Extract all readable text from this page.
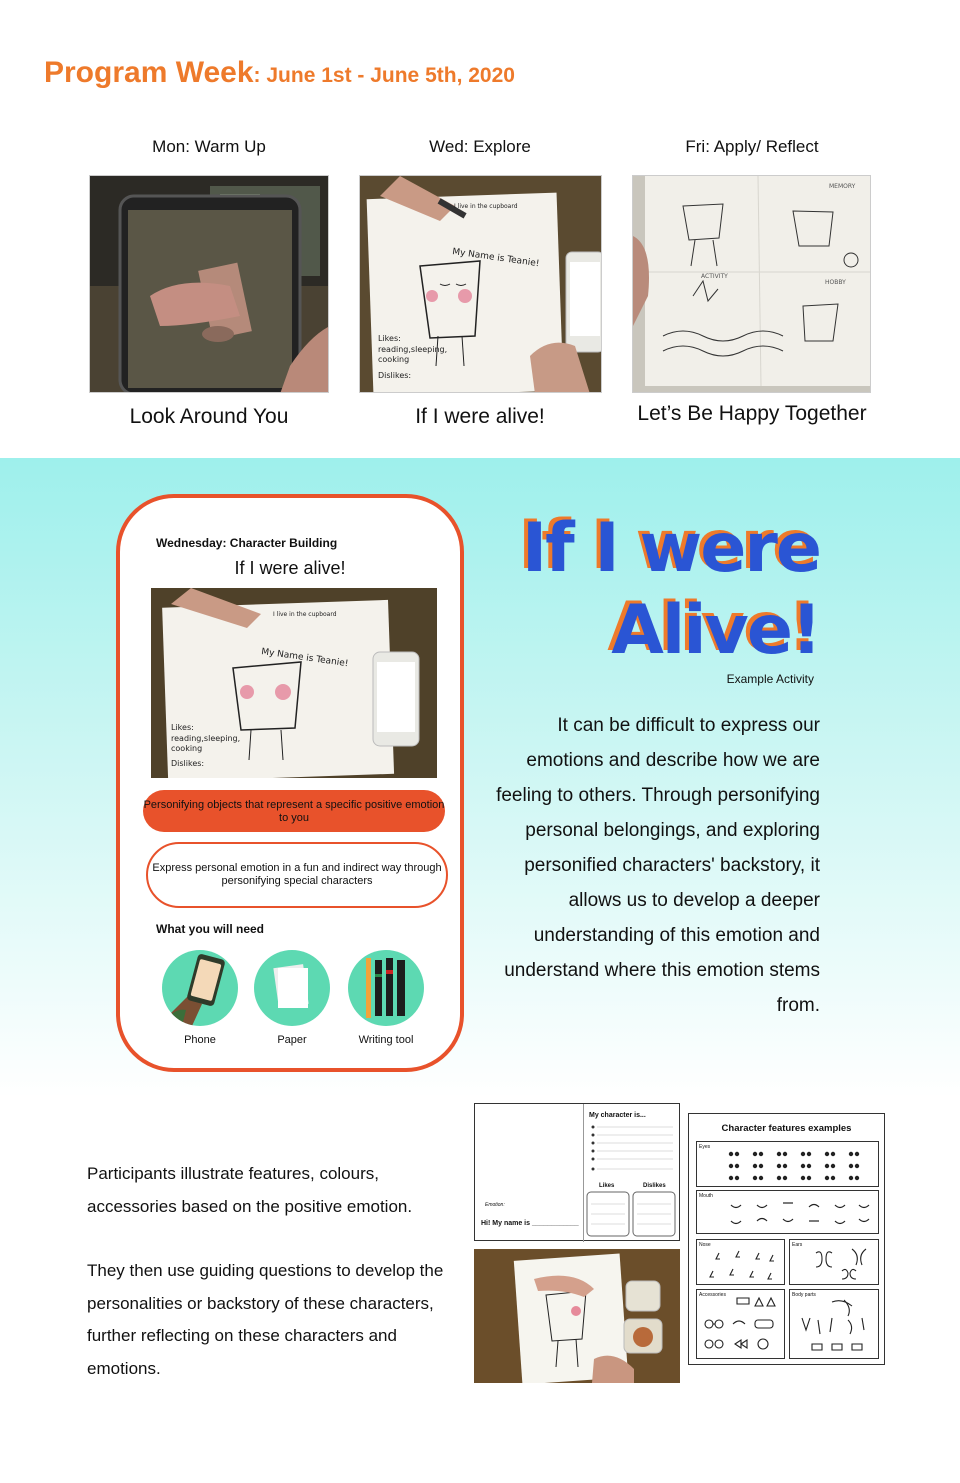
Program Week: June 1st - June 5th, 2020
Mon: Warm Up	Wed: Explore	Fri: Apply/ Reflect
My Name is Teanie!
I live in the cupboard
Likes:
reading,sleeping,
cooking
Dislikes:
MEMORY
ACTIVITY
HOBBY
Look Around You	If I were alive!	Let’s Be Happy Together
Wednesday: Character Building
If I were alive!
My Name is Teanie!
I live in the cupboard
Likes:
reading,sleeping,
cooking
Dislikes:
Personifying objects that represent a specific positive emotion to you
Express personal emotion in a fun and indirect way through personifying special characters
What you will need
Phone	Paper	Writing tool
If I were
Alive!
Example Activity
It can be difficult to express our emotions and describe how we are feeling to others. Through personifying personal belongings, and exploring personified characters' backstory, it allows us to develop a deeper understanding of this emotion and understand where this emotion stems from.

Participants illustrate features, colours, accessories based on the positive emotion.

They then use guiding questions to develop the personalities or backstory of these characters, further reflecting on these characters and emotions.

My character is...
Likes	Dislikes
Emotion:
Hi! My name is ____________
Character features examples
Eyes
Mouth
Nose	Ears
Accessories	Body parts
